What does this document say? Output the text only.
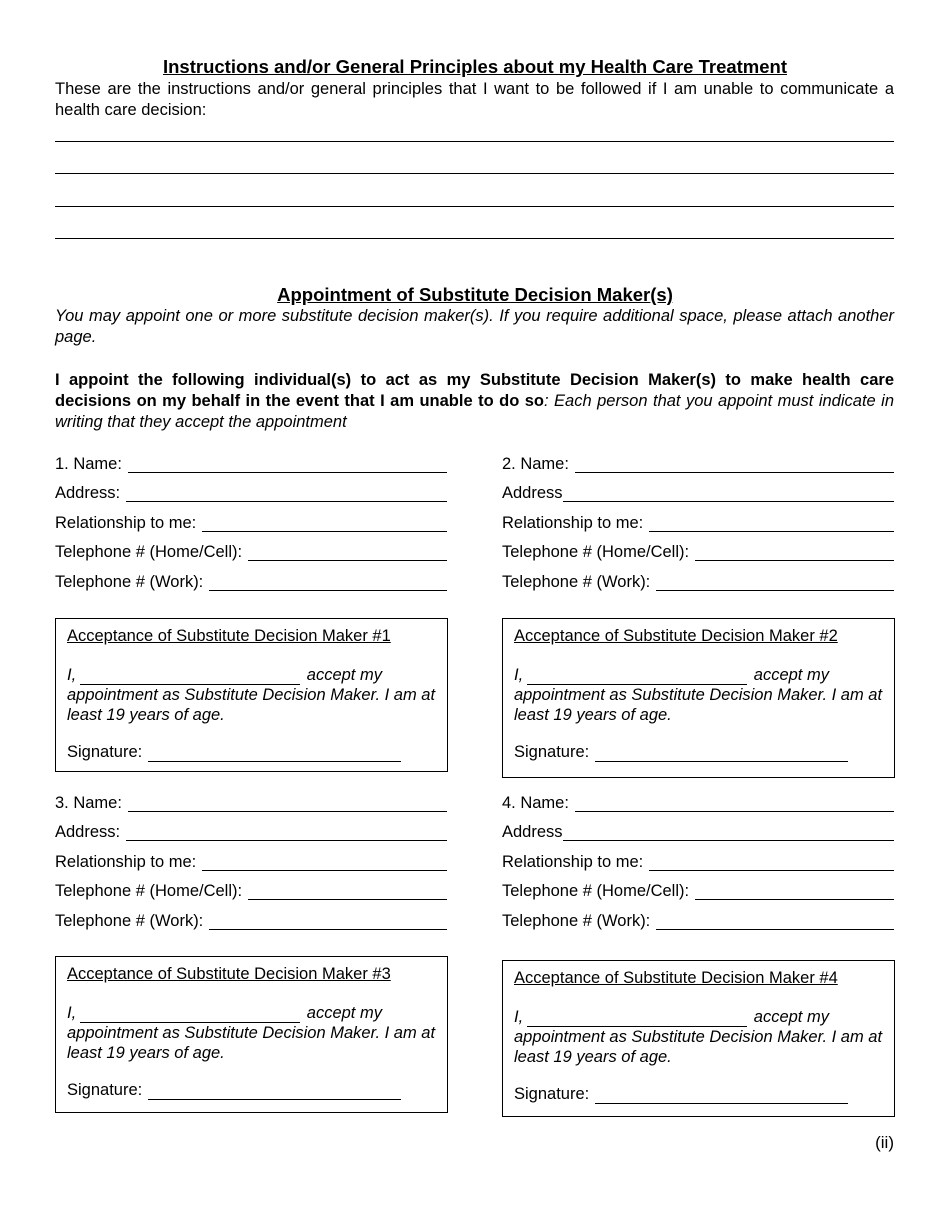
Instructions and/or General Principles about my Health Care Treatment
These are the instructions and/or general principles that I want to be followed if I am unable to communicate a health care decision:
Appointment of Substitute Decision Maker(s)
You may appoint one or more substitute decision maker(s). If you require additional space, please attach another page.
I appoint the following individual(s) to act as my Substitute Decision Maker(s) to make health care decisions on my behalf in the event that I am unable to do so: Each person that you appoint must indicate in writing that they accept the appointment
1. Name:
Address:
Relationship to me:
Telephone # (Home/Cell):
Telephone # (Work):
Acceptance of Substitute Decision Maker #1
I,	accept my appointment as Substitute Decision Maker. I am at least 19 years of age.
Signature:
2. Name:
Address
Relationship to me:
Telephone # (Home/Cell):
Telephone # (Work):
Acceptance of Substitute Decision Maker #2
I,	accept my appointment as Substitute Decision Maker. I am at least 19 years of age.
Signature:
3. Name:
Address:
Relationship to me:
Telephone # (Home/Cell):
Telephone # (Work):
Acceptance of Substitute Decision Maker #3
I,	accept my appointment as Substitute Decision Maker. I am at least 19 years of age.
Signature:
4. Name:
Address
Relationship to me:
Telephone # (Home/Cell):
Telephone # (Work):
Acceptance of Substitute Decision Maker #4
I,	accept my appointment as Substitute Decision Maker. I am at least 19 years of age.
Signature:
(ii)
